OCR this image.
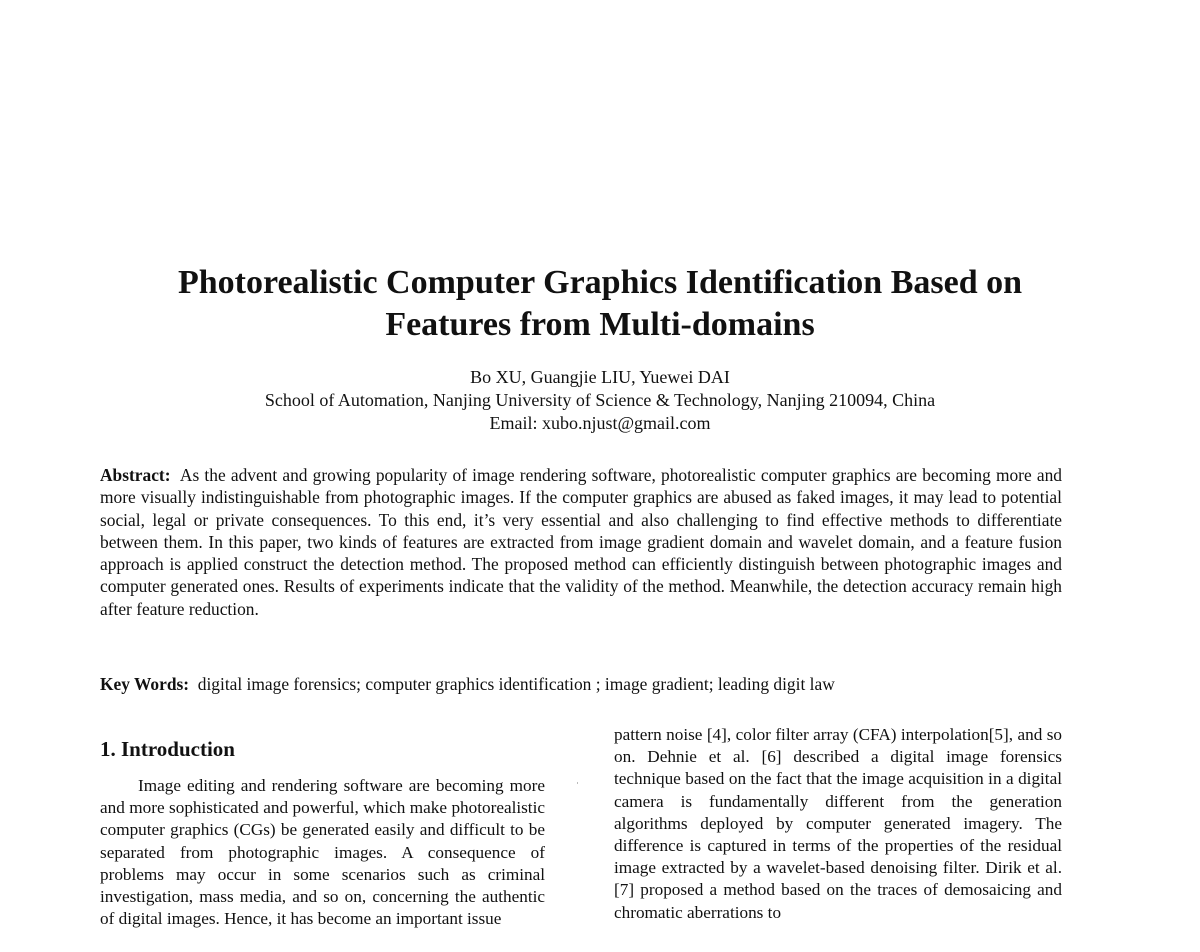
Photorealistic Computer Graphics Identification Based on
Features from Multi-domains
Bo XU, Guangjie LIU, Yuewei DAI
School of Automation, Nanjing University of Science & Technology, Nanjing 210094, China
Email: xubo.njust@gmail.com
Abstract: As the advent and growing popularity of image rendering software, photorealistic computer graphics are becoming more and more visually indistinguishable from photographic images. If the computer graphics are abused as faked images, it may lead to potential social, legal or private consequences. To this end, it’s very essential and also challenging to find effective methods to differentiate between them. In this paper, two kinds of features are extracted from image gradient domain and wavelet domain, and a feature fusion approach is applied construct the detection method. The proposed method can efficiently distinguish between photographic images and computer generated ones. Results of experiments indicate that the validity of the method. Meanwhile, the detection accuracy remain high after feature reduction.
Key Words: digital image forensics; computer graphics identification ; image gradient; leading digit law
1. Introduction

Image editing and rendering software are becoming more and more sophisticated and powerful, which make photorealistic computer graphics (CGs) be generated easily and difficult to be separated from photographic images. A consequence of problems may occur in some scenarios such as criminal investigation, mass media, and so on, concerning the authentic of digital images. Hence, it has become an important issue

pattern noise [4], color filter array (CFA) interpolation[5], and so on. Dehnie et al. [6] described a digital image forensics technique based on the fact that the image acquisition in a digital camera is fundamentally different from the generation algorithms deployed by computer generated imagery. The difference is captured in terms of the properties of the residual image extracted by a wavelet-based denoising filter. Dirik et al. [7] proposed a method based on the traces of demosaicing and chromatic aberrations to
